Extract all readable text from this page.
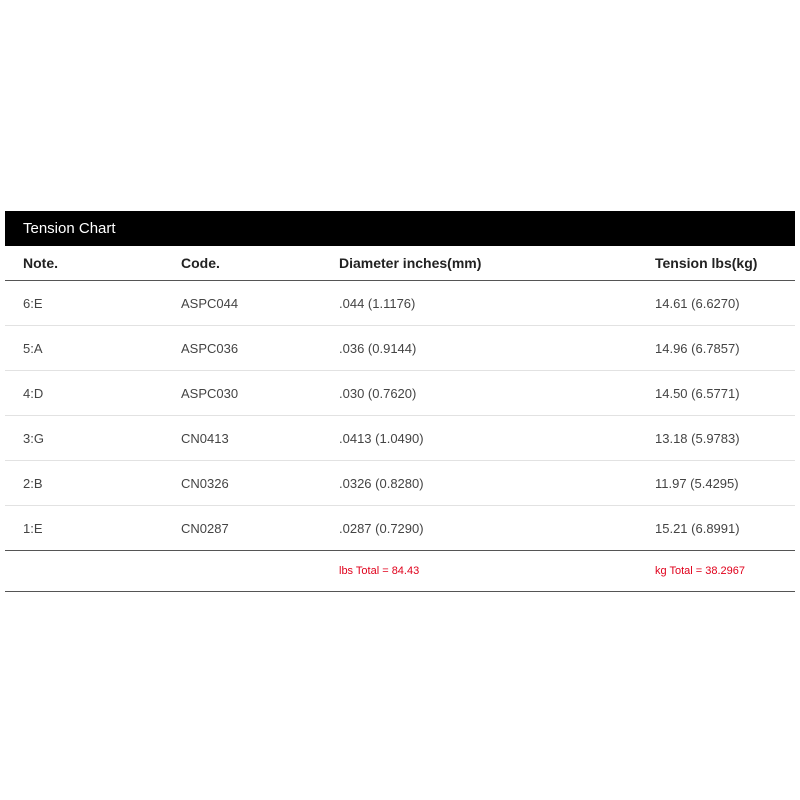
Tension Chart
Note.	Code.	Diameter inches(mm)	Tension lbs(kg)
6:E	ASPC044	.044 (1.1176)	14.61 (6.6270)
5:A	ASPC036	.036 (0.9144)	14.96 (6.7857)
4:D	ASPC030	.030 (0.7620)	14.50 (6.5771)
3:G	CN0413	.0413 (1.0490)	13.18 (5.9783)
2:B	CN0326	.0326 (0.8280)	11.97 (5.4295)
1:E	CN0287	.0287 (0.7290)	15.21 (6.8991)
		lbs Total = 84.43	kg Total = 38.2967
